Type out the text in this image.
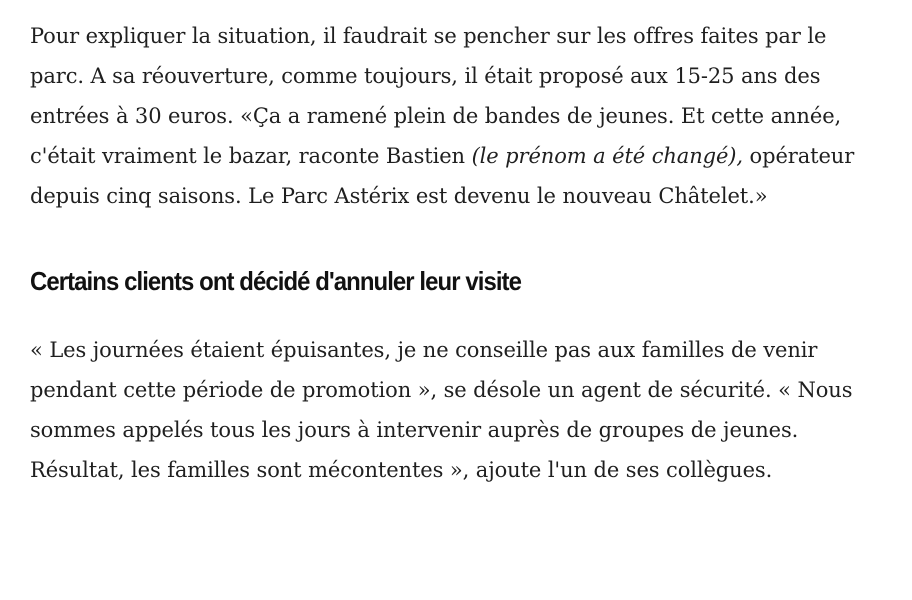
Pour expliquer la situation, il faudrait se pencher sur les offres faites par le parc. A sa réouverture, comme toujours, il était proposé aux 15-25 ans des entrées à 30 euros. «Ça a ramené plein de bandes de jeunes. Et cette année, c'était vraiment le bazar, raconte Bastien (le prénom a été changé), opérateur depuis cinq saisons. Le Parc Astérix est devenu le nouveau Châtelet.»

Certains clients ont décidé d'annuler leur visite

« Les journées étaient épuisantes, je ne conseille pas aux familles de venir pendant cette période de promotion », se désole un agent de sécurité. « Nous sommes appelés tous les jours à intervenir auprès de groupes de jeunes. Résultat, les familles sont mécontentes », ajoute l'un de ses collègues.
